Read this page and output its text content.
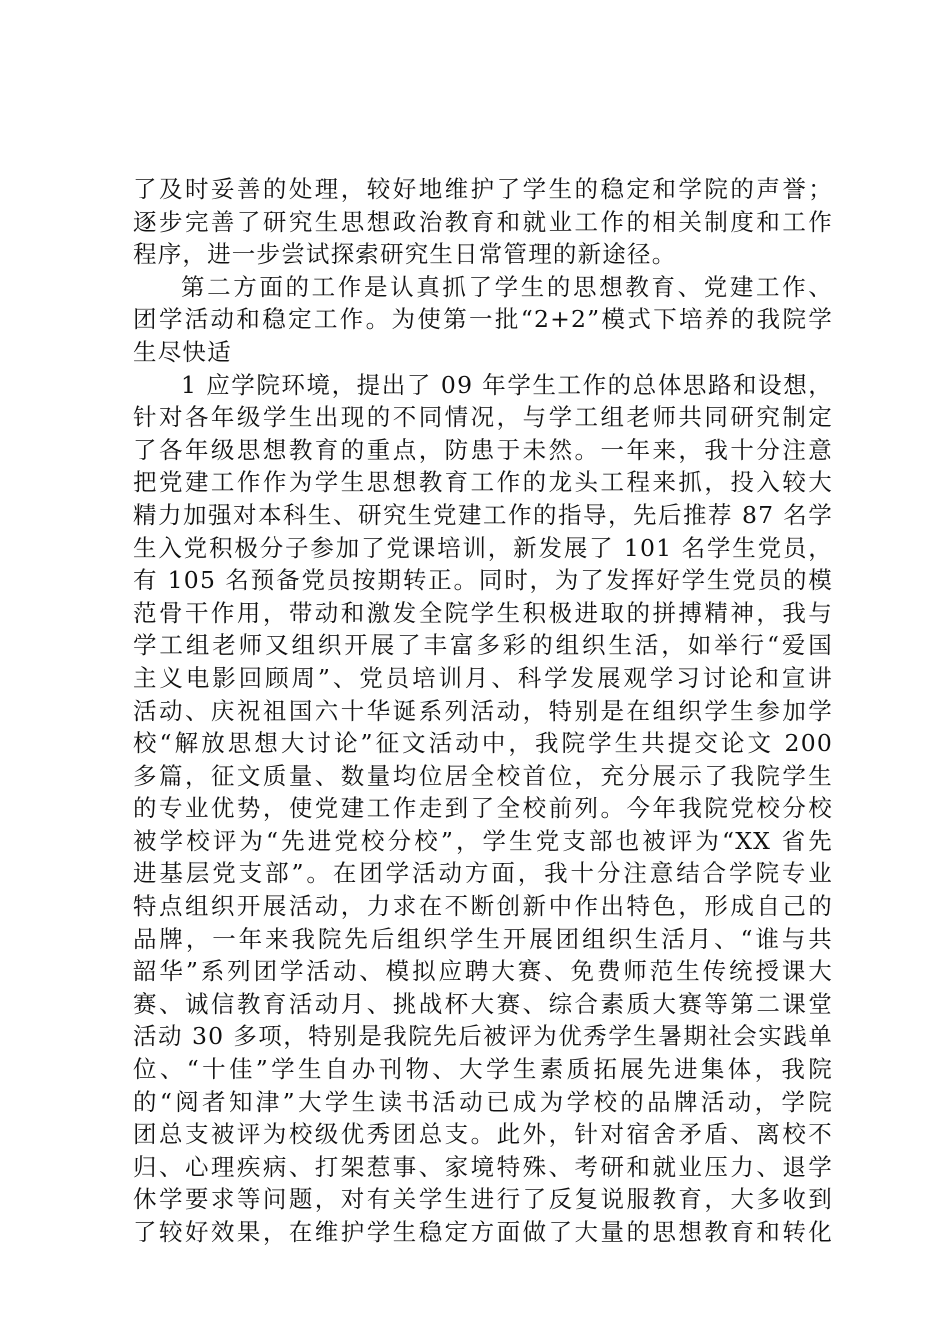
了及时妥善的处理，较好地维护了学生的稳定和学院的声誉；
逐步完善了研究生思想政治教育和就业工作的相关制度和工作
程序，进一步尝试探索研究生日常管理的新途径。
第二方面的工作是认真抓了学生的思想教育、党建工作、
团学活动和稳定工作。为使第一批“2+2”模式下培养的我院学
生尽快适
1 应学院环境，提出了 09 年学生工作的总体思路和设想，
针对各年级学生出现的不同情况，与学工组老师共同研究制定
了各年级思想教育的重点，防患于未然。一年来，我十分注意
把党建工作作为学生思想教育工作的龙头工程来抓，投入较大
精力加强对本科生、研究生党建工作的指导，先后推荐 87 名学
生入党积极分子参加了党课培训，新发展了 101 名学生党员，
有 105 名预备党员按期转正。同时，为了发挥好学生党员的模
范骨干作用，带动和激发全院学生积极进取的拼搏精神，我与
学工组老师又组织开展了丰富多彩的组织生活，如举行“爱国
主义电影回顾周”、党员培训月、科学发展观学习讨论和宣讲
活动、庆祝祖国六十华诞系列活动，特别是在组织学生参加学
校“解放思想大讨论”征文活动中，我院学生共提交论文 200
多篇，征文质量、数量均位居全校首位，充分展示了我院学生
的专业优势，使党建工作走到了全校前列。今年我院党校分校
被学校评为“先进党校分校”，学生党支部也被评为“XX 省先
进基层党支部”。在团学活动方面，我十分注意结合学院专业
特点组织开展活动，力求在不断创新中作出特色，形成自己的
品牌，一年来我院先后组织学生开展团组织生活月、“谁与共
韶华”系列团学活动、模拟应聘大赛、免费师范生传统授课大
赛、诚信教育活动月、挑战杯大赛、综合素质大赛等第二课堂
活动 30 多项，特别是我院先后被评为优秀学生暑期社会实践单
位、“十佳”学生自办刊物、大学生素质拓展先进集体，我院
的“阅者知津”大学生读书活动已成为学校的品牌活动，学院
团总支被评为校级优秀团总支。此外，针对宿舍矛盾、离校不
归、心理疾病、打架惹事、家境特殊、考研和就业压力、退学
休学要求等问题，对有关学生进行了反复说服教育，大多收到
了较好效果，在维护学生稳定方面做了大量的思想教育和转化
